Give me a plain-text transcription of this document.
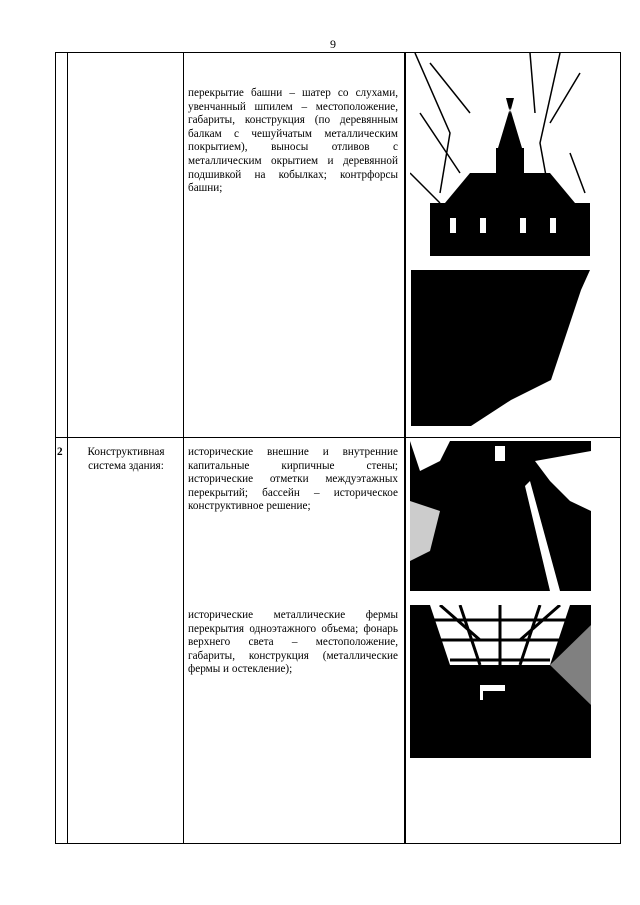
9
перекрытие башни – шатер со слухами, увенчанный шпилем – местоположение, габариты, конструкция (по деревянным балкам с чешуйчатым металлическим покрытием), выносы отливов с металлическим окрытием и деревянной подшивкой на кобылках; контрфорсы башни;
2	Конструктивная система здания:
исторические внешние и внутренние капитальные кирпичные стены; исторические отметки междуэтажных перекрытий; бассейн – историческое конструктивное решение;
исторические металлические фермы перекрытия одноэтажного объема; фонарь верхнего света – местоположение, габариты, конструкция (металлические фермы и остекление);
